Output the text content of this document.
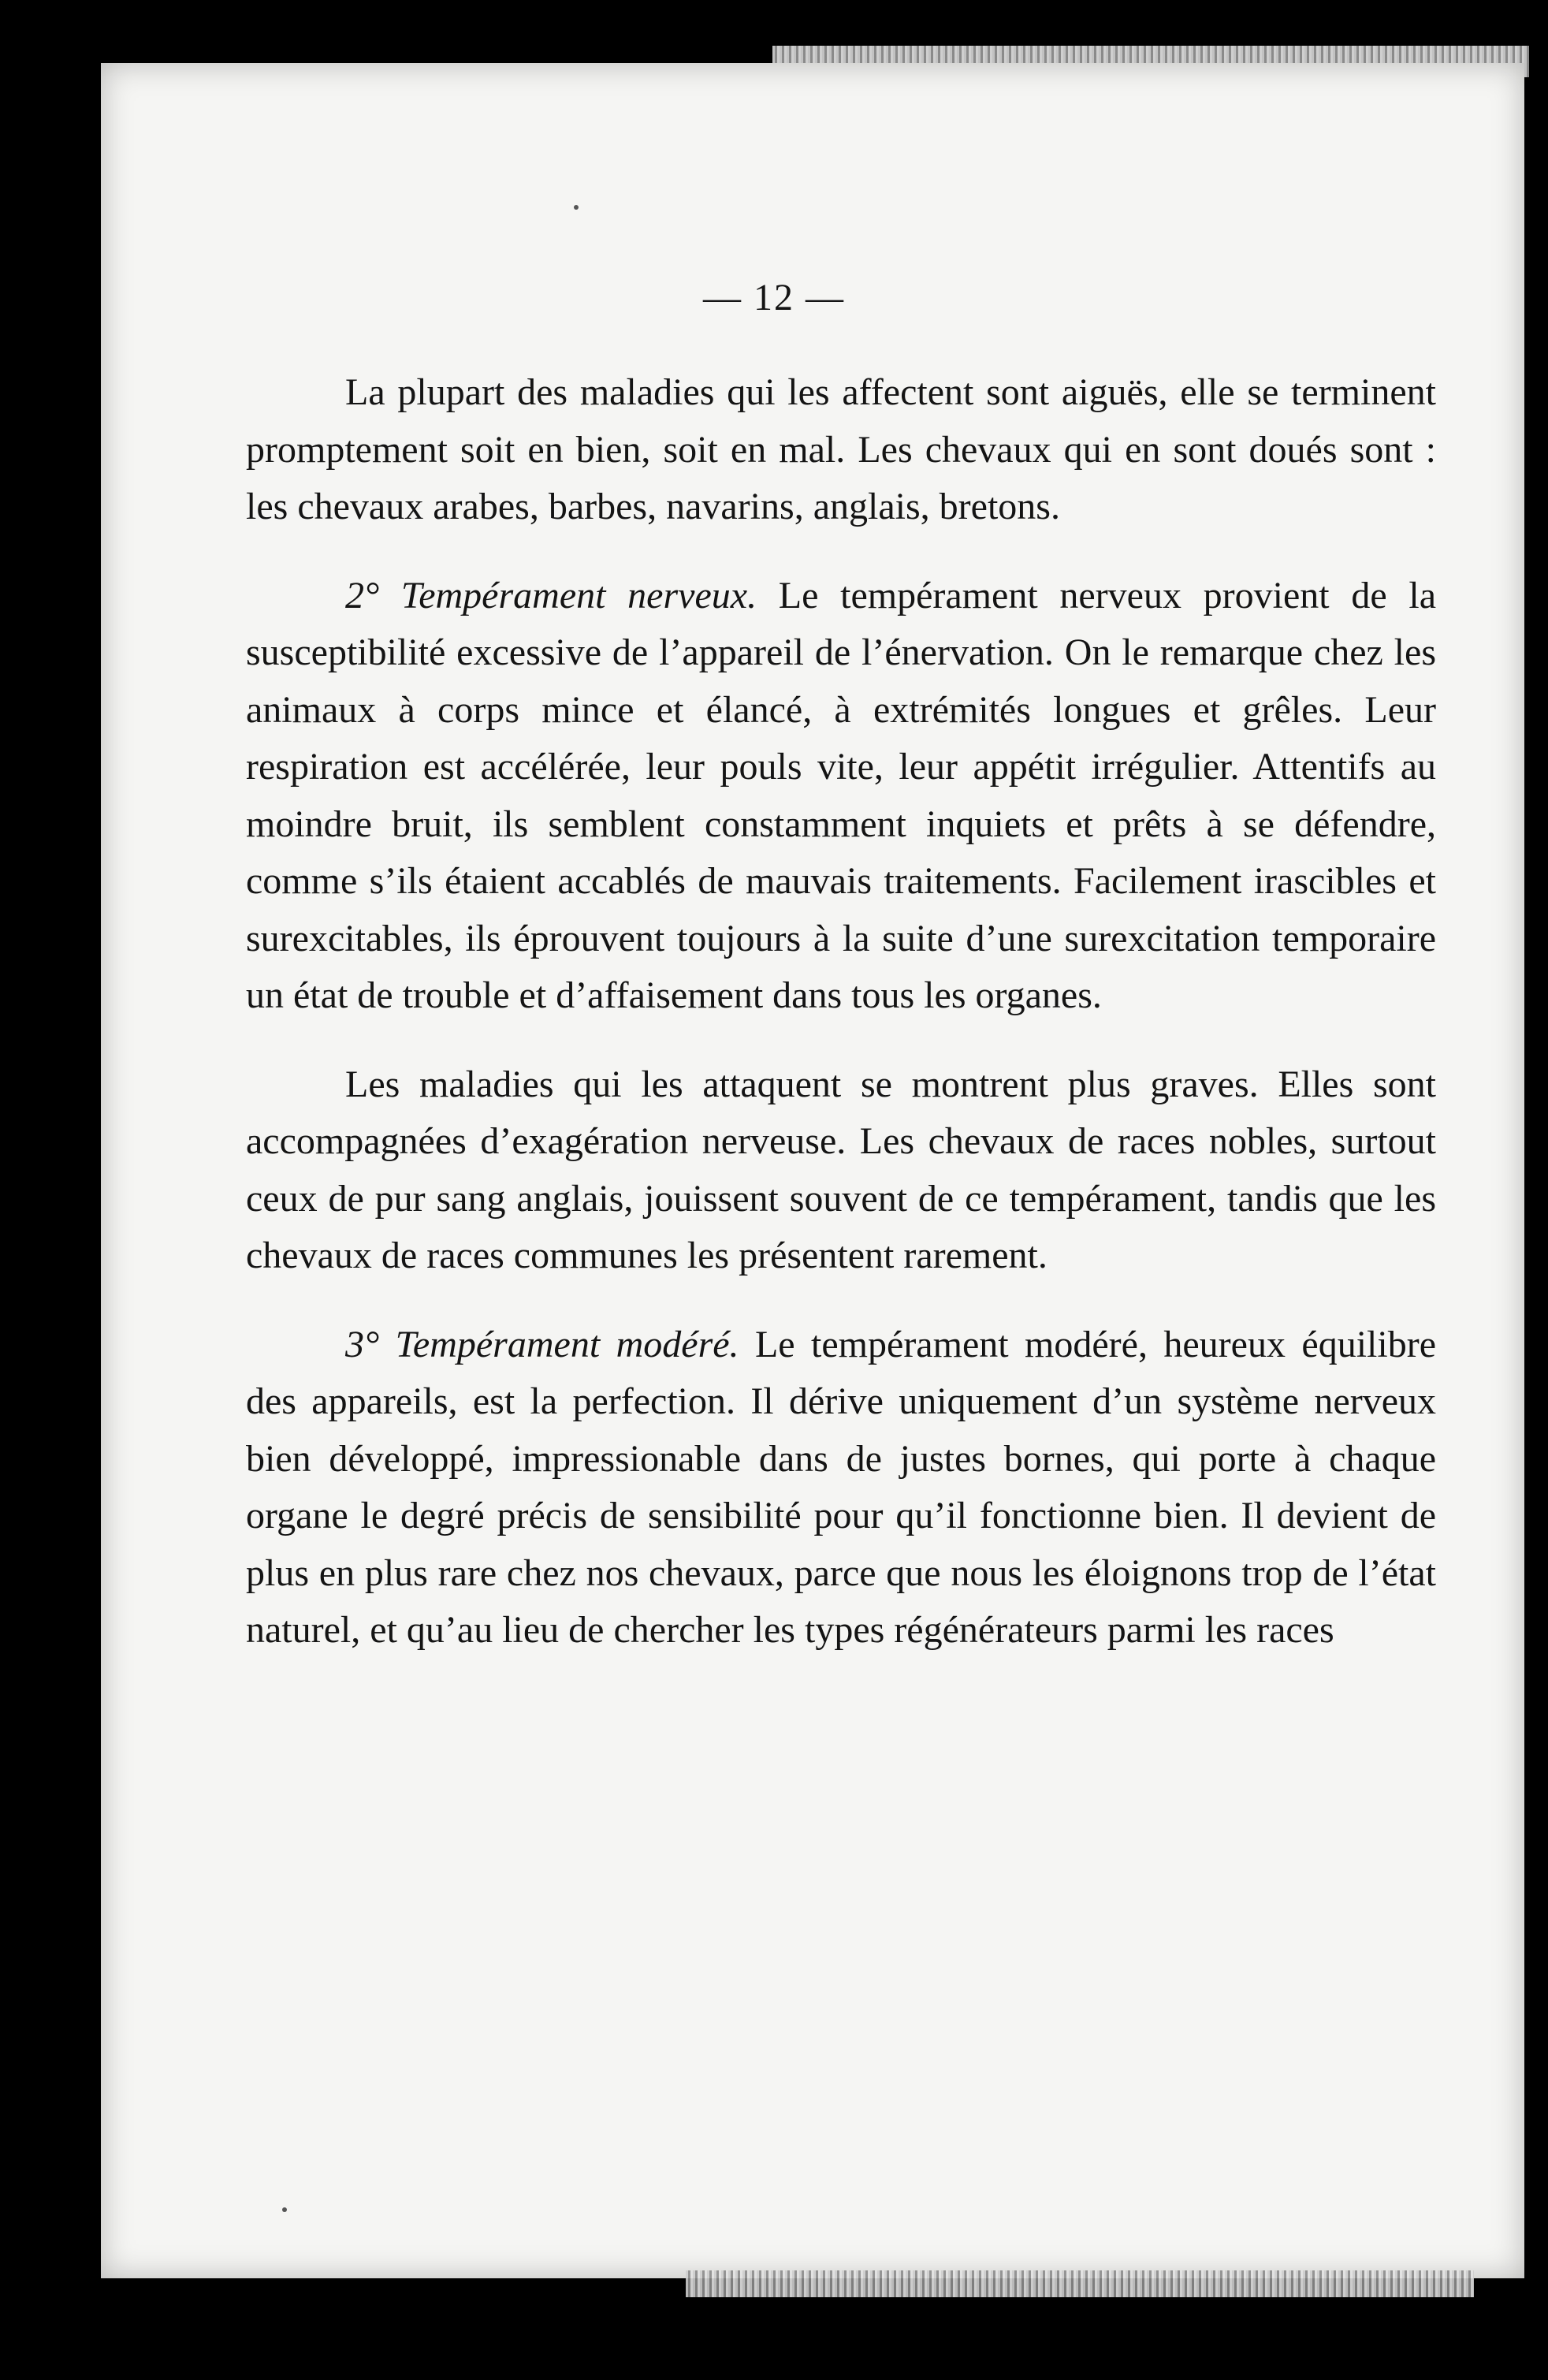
— 12 —

La plupart des maladies qui les affectent sont aiguës, elle se terminent promptement soit en bien, soit en mal. Les chevaux qui en sont doués sont : les chevaux arabes, barbes, navarins, anglais, bretons.

2° Tempérament nerveux. Le tempérament nerveux provient de la susceptibilité excessive de l’appareil de l’énervation. On le remarque chez les animaux à corps mince et élancé, à extrémités longues et grêles. Leur respiration est accélérée, leur pouls vite, leur appétit irrégulier. Attentifs au moindre bruit, ils semblent constamment inquiets et prêts à se défendre, comme s’ils étaient accablés de mauvais traitements. Facilement irascibles et surexcitables, ils éprouvent toujours à la suite d’une surexcitation temporaire un état de trouble et d’affaisement dans tous les organes.

Les maladies qui les attaquent se montrent plus graves. Elles sont accompagnées d’exagération nerveuse. Les chevaux de races nobles, surtout ceux de pur sang anglais, jouissent souvent de ce tempérament, tandis que les chevaux de races communes les présentent rarement.

3° Tempérament modéré. Le tempérament modéré, heureux équilibre des appareils, est la perfection. Il dérive uniquement d’un système nerveux bien développé, impressionable dans de justes bornes, qui porte à chaque organe le degré précis de sensibilité pour qu’il fonctionne bien. Il devient de plus en plus rare chez nos chevaux, parce que nous les éloignons trop de l’état naturel, et qu’au lieu de chercher les types régénérateurs parmi les races
